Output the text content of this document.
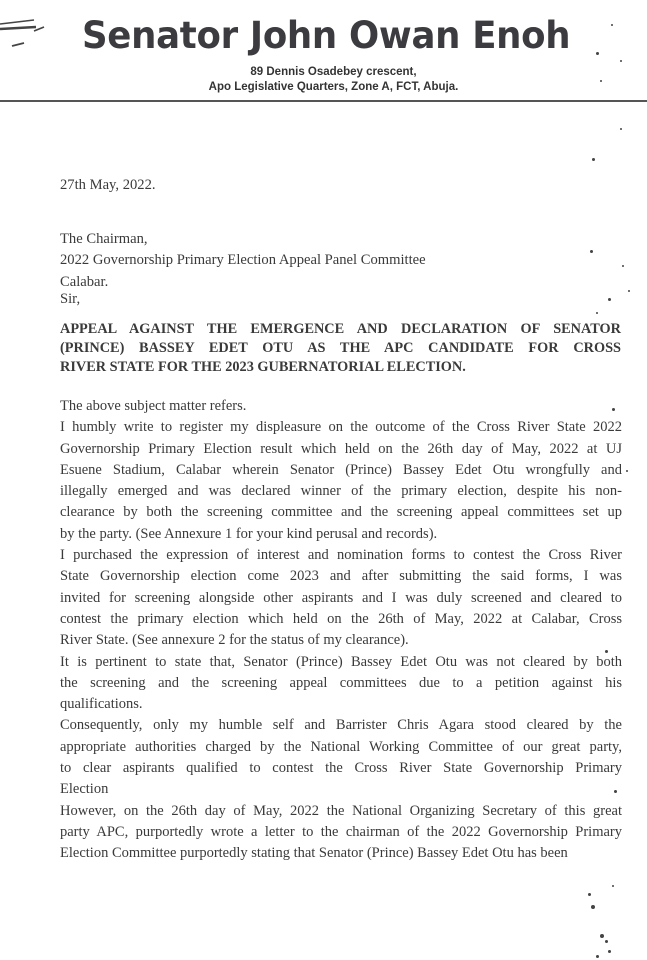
Senator John Owan Enoh
89 Dennis Osadebey crescent,
Apo Legislative Quarters, Zone A, FCT, Abuja.
27th May, 2022.
The Chairman,
2022 Governorship Primary Election Appeal Panel Committee
Calabar.
Sir,
APPEAL AGAINST THE EMERGENCE AND DECLARATION OF SENATOR
(PRINCE) BASSEY EDET OTU AS THE APC CANDIDATE FOR CROSS
RIVER STATE FOR THE 2023 GUBERNATORIAL ELECTION.
The above subject matter refers.
I humbly write to register my displeasure on the outcome of the Cross River State 2022
Governorship Primary Election result which held on the 26th day of May, 2022 at UJ
Esuene Stadium, Calabar wherein Senator (Prince) Bassey Edet Otu wrongfully and
illegally emerged and was declared winner of the primary election, despite his non-
clearance by both the screening committee and the screening appeal committees set up
by the party. (See Annexure 1 for your kind perusal and records).
I purchased the expression of interest and nomination forms to contest the Cross River
State Governorship election come 2023 and after submitting the said forms, I was
invited for screening alongside other aspirants and I was duly screened and cleared to
contest the primary election which held on the 26th of May, 2022 at Calabar, Cross
River State. (See annexure 2 for the status of my clearance).
It is pertinent to state that, Senator (Prince) Bassey Edet Otu was not cleared by both
the screening and the screening appeal committees due to a petition against his
qualifications.
Consequently, only my humble self and Barrister Chris Agara stood cleared by the
appropriate authorities charged by the National Working Committee of our great party,
to clear aspirants qualified to contest the Cross River State Governorship Primary
Election
However, on the 26th day of May, 2022 the National Organizing Secretary of this great
party APC, purportedly wrote a letter to the chairman of the 2022 Governorship Primary
Election Committee purportedly stating that Senator (Prince) Bassey Edet Otu has been
